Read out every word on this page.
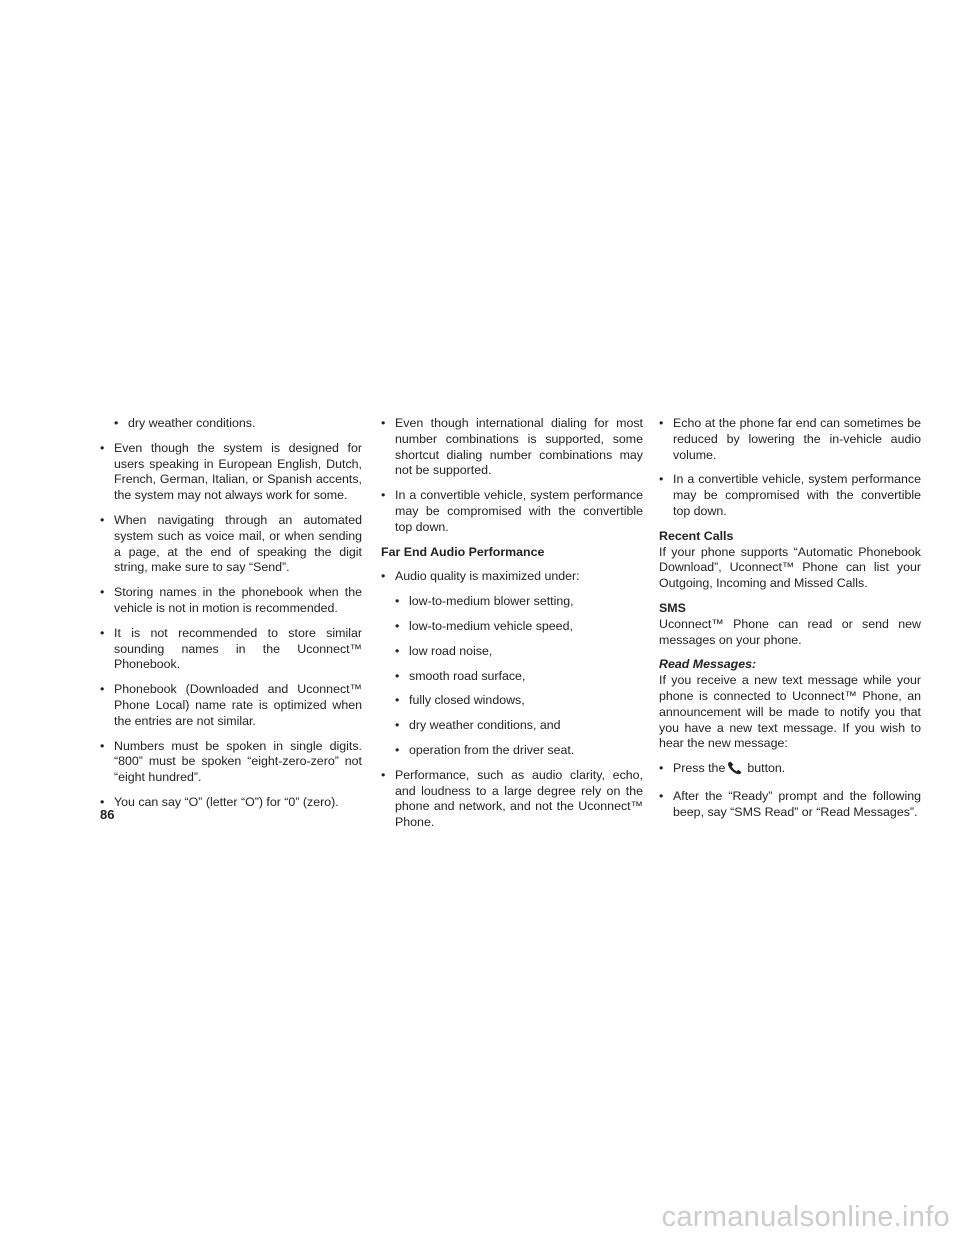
• dry weather conditions.
• Even though the system is designed for users speaking in European English, Dutch, French, German, Italian, or Spanish accents, the system may not always work for some.
• When navigating through an automated system such as voice mail, or when sending a page, at the end of speaking the digit string, make sure to say “Send”.
• Storing names in the phonebook when the vehicle is not in motion is recommended.
• It is not recommended to store similar sounding names in the Uconnect™ Phonebook.
• Phonebook (Downloaded and Uconnect™ Phone Local) name rate is optimized when the entries are not similar.
• Numbers must be spoken in single digits. “800” must be spoken “eight-zero-zero” not “eight hundred”.
• You can say “O” (letter “O”) for “0” (zero).
• Even though international dialing for most number combinations is supported, some shortcut dialing number combinations may not be supported.
• In a convertible vehicle, system performance may be compromised with the convertible top down.

Far End Audio Performance

• Audio quality is maximized under:
• low-to-medium blower setting,
• low-to-medium vehicle speed,
• low road noise,
• smooth road surface,
• fully closed windows,
• dry weather conditions, and
• operation from the driver seat.
• Performance, such as audio clarity, echo, and loudness to a large degree rely on the phone and network, and not the Uconnect™ Phone.
• Echo at the phone far end can sometimes be reduced by lowering the in-vehicle audio volume.
• In a convertible vehicle, system performance may be compromised with the convertible top down.

Recent Calls

If your phone supports “Automatic Phonebook Download”, Uconnect™ Phone can list your Outgoing, Incoming and Missed Calls.

SMS

Uconnect™ Phone can read or send new messages on your phone.

Read Messages:

If you receive a new text message while your phone is connected to Uconnect™ Phone, an announcement will be made to notify you that you have a new text message. If you wish to hear the new message:

• Press the button.
• After the “Ready” prompt and the following beep, say “SMS Read” or “Read Messages”.
86
carmanualsonline.info
